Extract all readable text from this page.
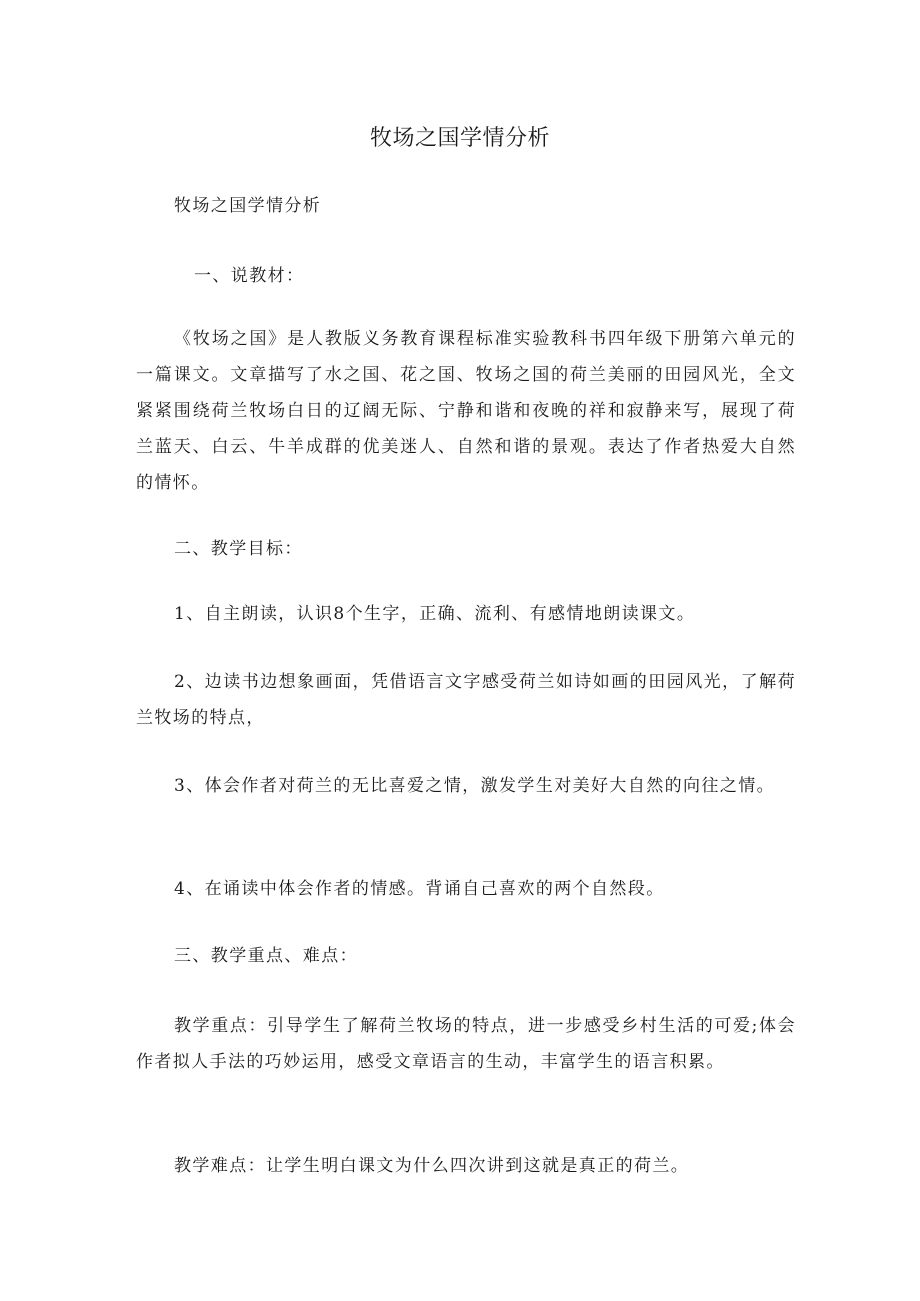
牧场之国学情分析
牧场之国学情分析
一、说教材：
《牧场之国》是人教版义务教育课程标准实验教科书四年级下册第六单元的一篇课文。文章描写了水之国、花之国、牧场之国的荷兰美丽的田园风光，全文紧紧围绕荷兰牧场白日的辽阔无际、宁静和谐和夜晚的祥和寂静来写，展现了荷兰蓝天、白云、牛羊成群的优美迷人、自然和谐的景观。表达了作者热爱大自然的情怀。
二、教学目标：
1、自主朗读，认识8个生字，正确、流利、有感情地朗读课文。
2、边读书边想象画面，凭借语言文字感受荷兰如诗如画的田园风光，了解荷兰牧场的特点，
3、体会作者对荷兰的无比喜爱之情，激发学生对美好大自然的向往之情。
4、在诵读中体会作者的情感。背诵自己喜欢的两个自然段。
三、教学重点、难点：
教学重点：引导学生了解荷兰牧场的特点，进一步感受乡村生活的可爱;体会作者拟人手法的巧妙运用，感受文章语言的生动，丰富学生的语言积累。
教学难点：让学生明白课文为什么四次讲到这就是真正的荷兰。
